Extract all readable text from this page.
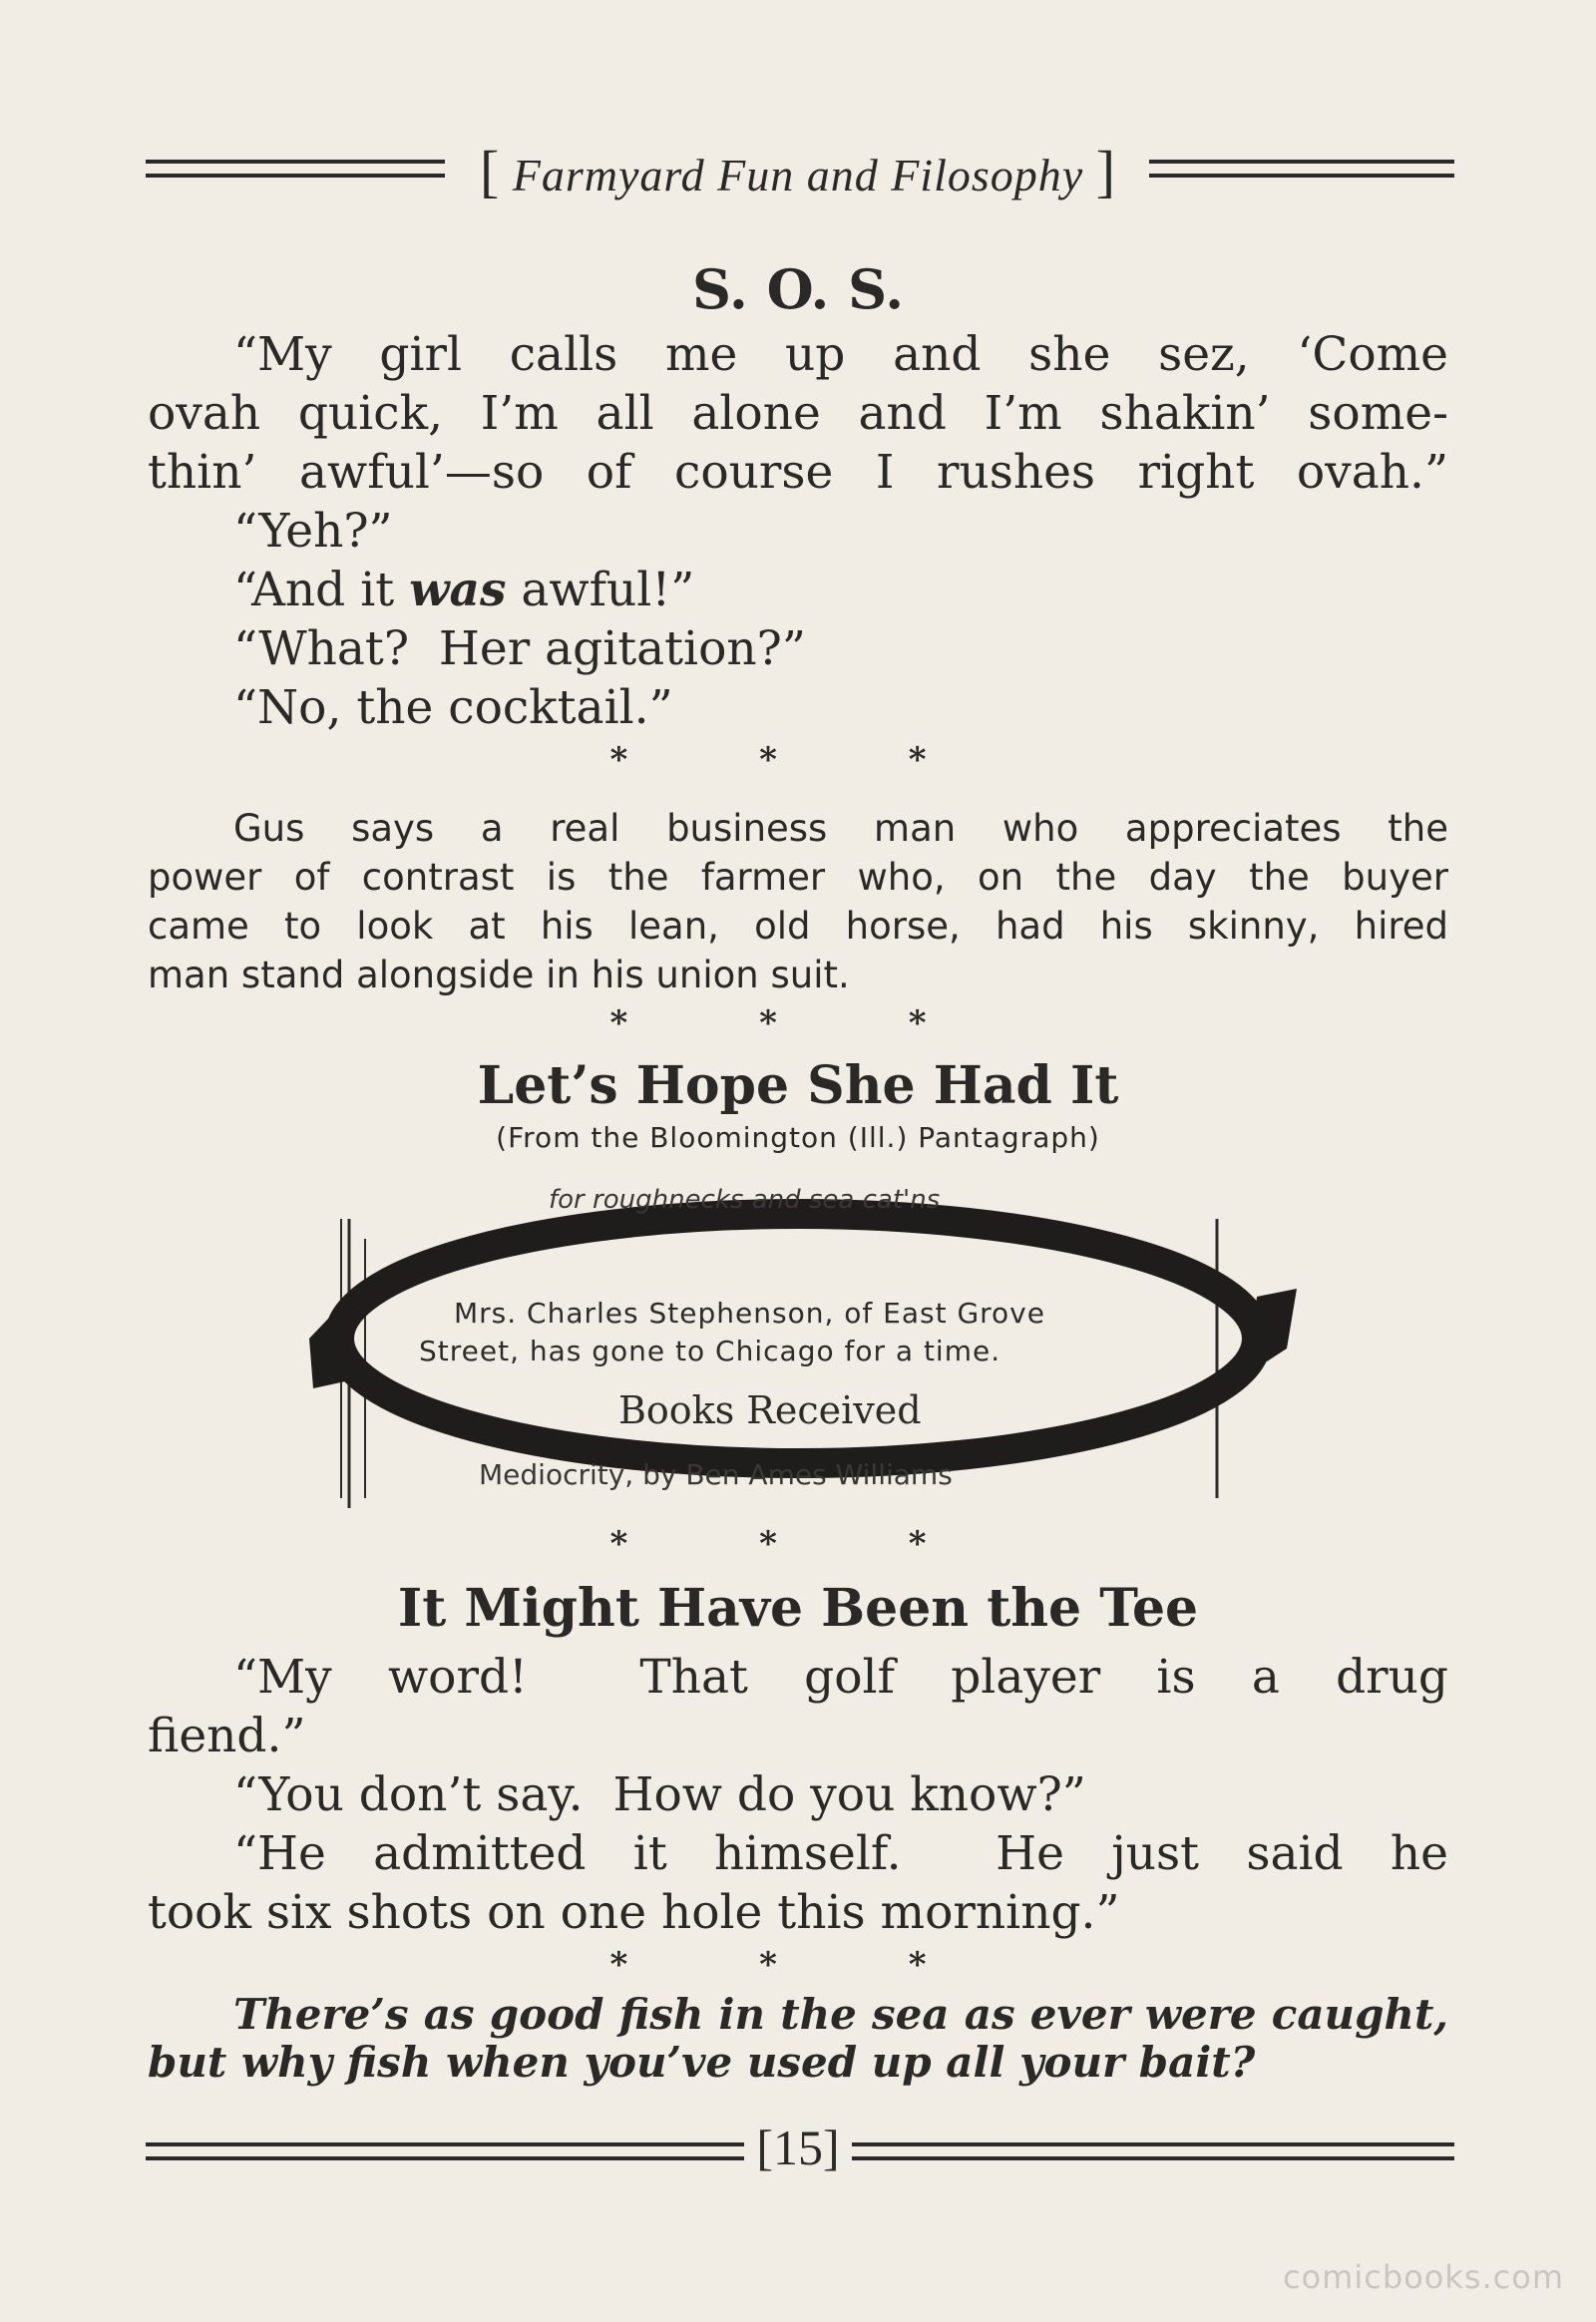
[ Farmyard Fun and Filosophy ]
S. O. S.
“My girl calls me up and she sez, ‘Come
ovah quick, I’m all alone and I’m shakin’ some-
thin’ awful’—so of course I rushes right ovah.”
“Yeh?”
“And it was awful!”
“What?  Her agitation?”
“No, the cocktail.”
* * *
Gus says a real business man who appreciates the
power of contrast is the farmer who, on the day the buyer
came to look at his lean, old horse, had his skinny, hired
man stand alongside in his union suit.
* * *
Let’s Hope She Had It
(From the Bloomington (Ill.) Pantagraph)
for roughnecks and sea cat'ns
Mrs. Charles Stephenson, of East Grove
Street, has gone to Chicago for a time.
Books Received
Mediocrity, by Ben Ames Williams
* * *
It Might Have Been the Tee
“My word!  That golf player is a drug
fiend.”
“You don’t say.  How do you know?”
“He admitted it himself.  He just said he
took six shots on one hole this morning.”
* * *
There’s as good fish in the sea as ever were caught,
but why fish when you’ve used up all your bait?
[15]
comicbooks.com
